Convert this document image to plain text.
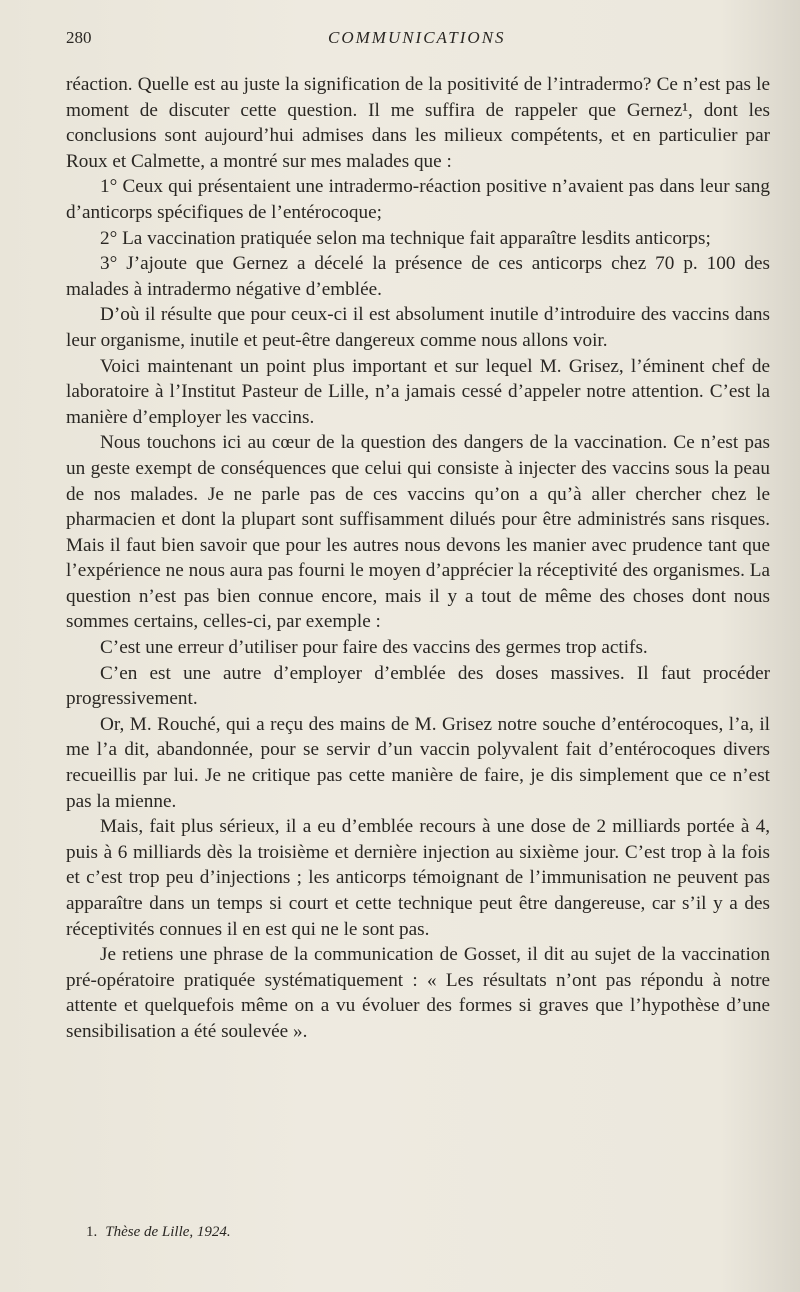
280	COMMUNICATIONS

réaction. Quelle est au juste la signification de la positivité de l’intradermo? Ce n’est pas le moment de discuter cette question. Il me suffira de rappeler que Gernez¹, dont les conclusions sont aujourd’hui admises dans les milieux compétents, et en particulier par Roux et Calmette, a montré sur mes malades que :

1° Ceux qui présentaient une intradermo-réaction positive n’avaient pas dans leur sang d’anticorps spécifiques de l’entérocoque;

2° La vaccination pratiquée selon ma technique fait apparaître lesdits anticorps;

3° J’ajoute que Gernez a décelé la présence de ces anticorps chez 70 p. 100 des malades à intradermo négative d’emblée.

D’où il résulte que pour ceux-ci il est absolument inutile d’introduire des vaccins dans leur organisme, inutile et peut-être dangereux comme nous allons voir.

Voici maintenant un point plus important et sur lequel M. Grisez, l’éminent chef de laboratoire à l’Institut Pasteur de Lille, n’a jamais cessé d’appeler notre attention. C’est la manière d’employer les vaccins.

Nous touchons ici au cœur de la question des dangers de la vaccination. Ce n’est pas un geste exempt de conséquences que celui qui consiste à injecter des vaccins sous la peau de nos malades. Je ne parle pas de ces vaccins qu’on a qu’à aller chercher chez le pharmacien et dont la plupart sont suffisamment dilués pour être administrés sans risques. Mais il faut bien savoir que pour les autres nous devons les manier avec prudence tant que l’expérience ne nous aura pas fourni le moyen d’apprécier la réceptivité des organismes. La question n’est pas bien connue encore, mais il y a tout de même des choses dont nous sommes certains, celles-ci, par exemple :

C’est une erreur d’utiliser pour faire des vaccins des germes trop actifs.

C’en est une autre d’employer d’emblée des doses massives. Il faut procéder progressivement.

Or, M. Rouché, qui a reçu des mains de M. Grisez notre souche d’entérocoques, l’a, il me l’a dit, abandonnée, pour se servir d’un vaccin polyvalent fait d’entérocoques divers recueillis par lui. Je ne critique pas cette manière de faire, je dis simplement que ce n’est pas la mienne.

Mais, fait plus sérieux, il a eu d’emblée recours à une dose de 2 milliards portée à 4, puis à 6 milliards dès la troisième et dernière injection au sixième jour. C’est trop à la fois et c’est trop peu d’injections ; les anticorps témoignant de l’immunisation ne peuvent pas apparaître dans un temps si court et cette technique peut être dangereuse, car s’il y a des réceptivités connues il en est qui ne le sont pas.

Je retiens une phrase de la communication de Gosset, il dit au sujet de la vaccination pré-opératoire pratiquée systématiquement : « Les résultats n’ont pas répondu à notre attente et quelquefois même on a vu évoluer des formes si graves que l’hypothèse d’une sensibilisation a été soulevée ».

1. Thèse de Lille, 1924.
